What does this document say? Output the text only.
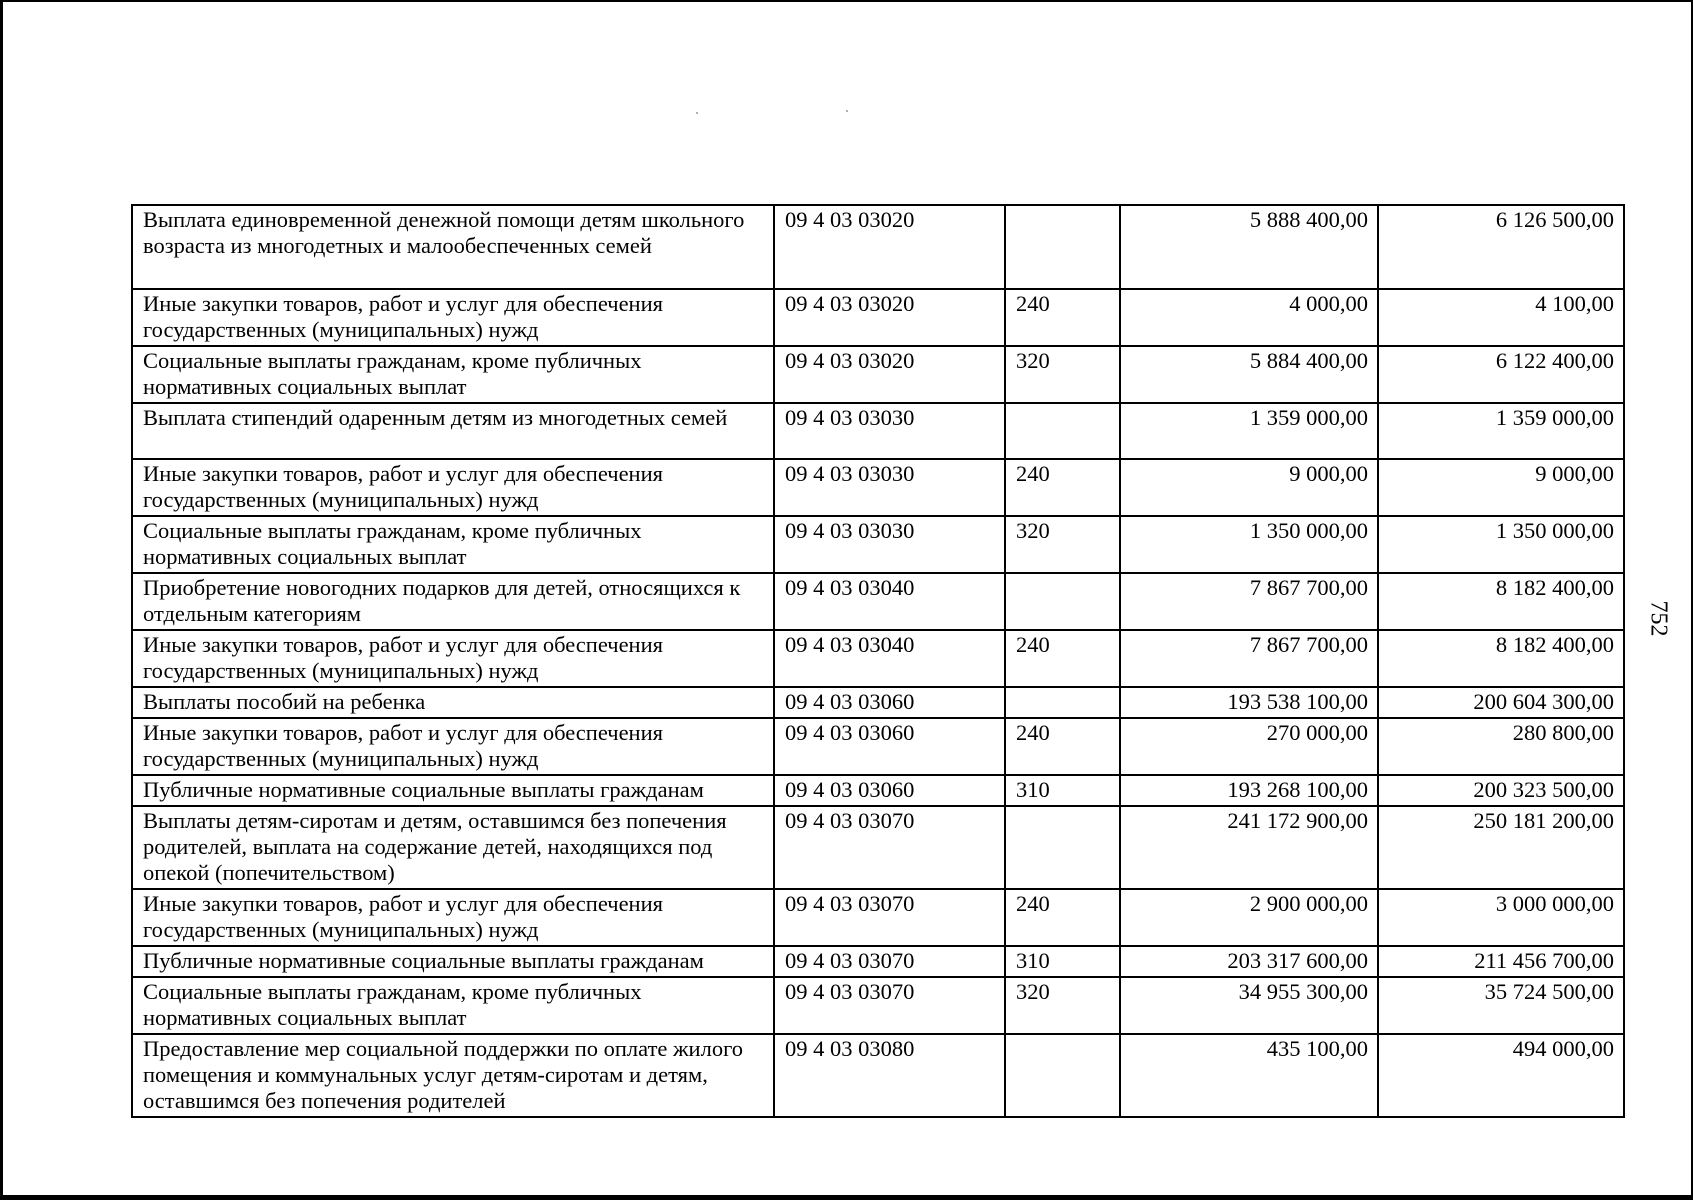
Выплата единовременной денежной помощи детям школьного возраста из многодетных и малообеспеченных семей	09 4 03 03020		5 888 400,00	6 126 500,00
Иные закупки товаров, работ и услуг для обеспечения государственных (муниципальных) нужд	09 4 03 03020	240	4 000,00	4 100,00
Социальные выплаты гражданам, кроме публичных нормативных социальных выплат	09 4 03 03020	320	5 884 400,00	6 122 400,00
Выплата стипендий одаренным детям из многодетных семей	09 4 03 03030		1 359 000,00	1 359 000,00
Иные закупки товаров, работ и услуг для обеспечения государственных (муниципальных) нужд	09 4 03 03030	240	9 000,00	9 000,00
Социальные выплаты гражданам, кроме публичных нормативных социальных выплат	09 4 03 03030	320	1 350 000,00	1 350 000,00
Приобретение новогодних подарков для детей, относящихся к отдельным категориям	09 4 03 03040		7 867 700,00	8 182 400,00
Иные закупки товаров, работ и услуг для обеспечения государственных (муниципальных) нужд	09 4 03 03040	240	7 867 700,00	8 182 400,00
Выплаты пособий на ребенка	09 4 03 03060		193 538 100,00	200 604 300,00
Иные закупки товаров, работ и услуг для обеспечения государственных (муниципальных) нужд	09 4 03 03060	240	270 000,00	280 800,00
Публичные нормативные социальные выплаты гражданам	09 4 03 03060	310	193 268 100,00	200 323 500,00
Выплаты детям-сиротам и детям, оставшимся без попечения родителей, выплата на содержание детей, находящихся под опекой (попечительством)	09 4 03 03070		241 172 900,00	250 181 200,00
Иные закупки товаров, работ и услуг для обеспечения государственных (муниципальных) нужд	09 4 03 03070	240	2 900 000,00	3 000 000,00
Публичные нормативные социальные выплаты гражданам	09 4 03 03070	310	203 317 600,00	211 456 700,00
Социальные выплаты гражданам, кроме публичных нормативных социальных выплат	09 4 03 03070	320	34 955 300,00	35 724 500,00
Предоставление мер социальной поддержки по оплате жилого помещения и коммунальных услуг детям-сиротам и детям, оставшимся без попечения родителей	09 4 03 03080		435 100,00	494 000,00
752
